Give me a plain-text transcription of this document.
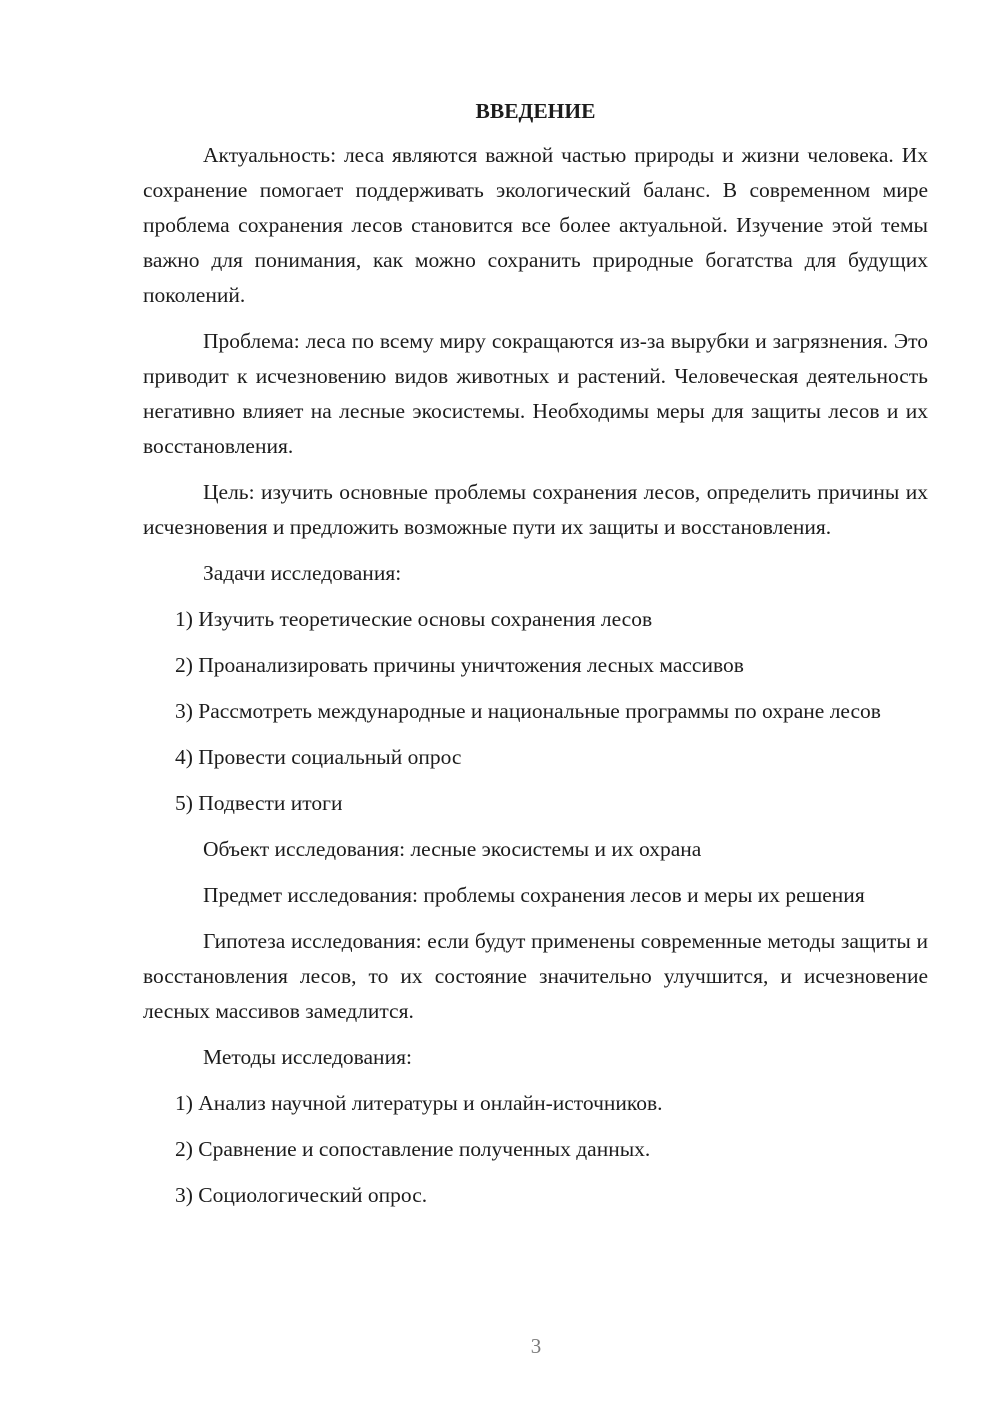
ВВЕДЕНИЕ

Актуальность: леса являются важной частью природы и жизни человека. Их сохранение помогает поддерживать экологический баланс. В современном мире проблема сохранения лесов становится все более актуальной. Изучение этой темы важно для понимания, как можно сохранить природные богатства для будущих поколений.

Проблема: леса по всему миру сокращаются из-за вырубки и загрязнения. Это приводит к исчезновению видов животных и растений. Человеческая деятельность негативно влияет на лесные экосистемы. Необходимы меры для защиты лесов и их восстановления.

Цель: изучить основные проблемы сохранения лесов, определить причины их исчезновения и предложить возможные пути их защиты и восстановления.

Задачи исследования:

1) Изучить теоретические основы сохранения лесов

2) Проанализировать причины уничтожения лесных массивов

3) Рассмотреть международные и национальные программы по охране лесов

4) Провести социальный опрос

5) Подвести итоги

Объект исследования: лесные экосистемы и их охрана

Предмет исследования: проблемы сохранения лесов и меры их решения

Гипотеза исследования: если будут применены современные методы защиты и восстановления лесов, то их состояние значительно улучшится, и исчезновение лесных массивов замедлится.

Методы исследования:

1) Анализ научной литературы и онлайн-источников.

2) Сравнение и сопоставление полученных данных.

3) Социологический опрос.

3
